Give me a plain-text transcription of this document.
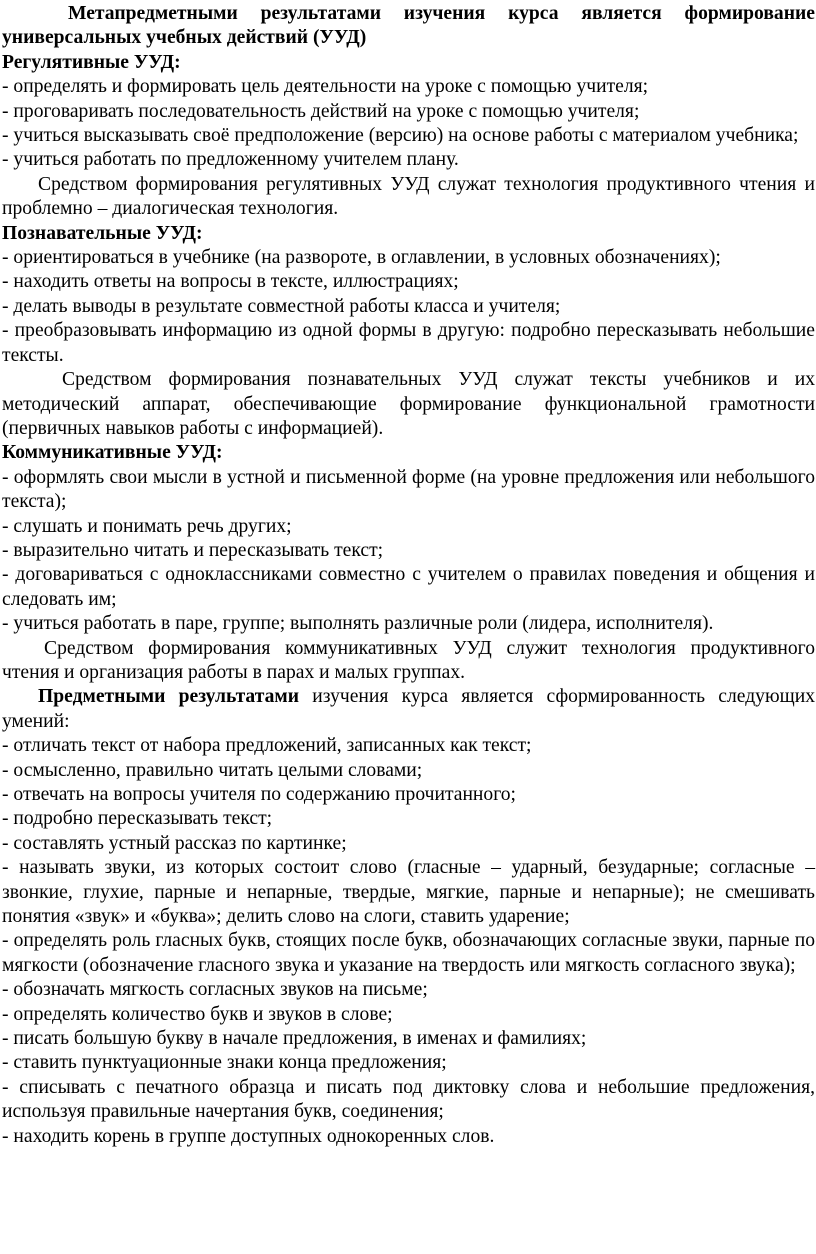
Метапредметными результатами изучения курса является формирование универсальных учебных действий (УУД)

Регулятивные УУД:

- определять и формировать цель деятельности на уроке с помощью учителя;
- проговаривать последовательность действий на уроке с помощью учителя;
- учиться высказывать своё предположение (версию) на основе работы с материалом учебника;
- учиться работать по предложенному учителем плану.

Средством формирования регулятивных УУД служат технология продуктивного чтения и проблемно – диалогическая технология.

Познавательные УУД:

- ориентироваться в учебнике (на развороте, в оглавлении, в условных обозначениях);
- находить ответы на вопросы в тексте, иллюстрациях;
- делать выводы в результате совместной работы класса и учителя;
- преобразовывать информацию из одной формы в другую: подробно пересказывать небольшие тексты.

Средством формирования познавательных УУД служат тексты учебников и их методический аппарат, обеспечивающие формирование функциональной грамотности (первичных навыков работы с информацией).

Коммуникативные УУД:

- оформлять свои мысли в устной и письменной форме (на уровне предложения или небольшого текста);
- слушать и понимать речь других;
- выразительно читать и пересказывать текст;
- договариваться с одноклассниками совместно с учителем о правилах поведения и общения и следовать им;
- учиться работать в паре, группе; выполнять различные роли (лидера, исполнителя).

Средством формирования коммуникативных УУД служит технология продуктивного чтения и организация работы в парах и малых группах.

Предметными результатами изучения курса является сформированность следующих умений:

- отличать текст от набора предложений, записанных как текст;
- осмысленно, правильно читать целыми словами;
- отвечать на вопросы учителя по содержанию прочитанного;
- подробно пересказывать текст;
- составлять устный рассказ по картинке;
- называть звуки, из которых состоит слово (гласные – ударный, безударные; согласные – звонкие, глухие, парные и непарные, твердые, мягкие, парные и непарные); не смешивать понятия «звук» и «буква»; делить слово на слоги, ставить ударение;
- определять роль гласных букв, стоящих после букв, обозначающих согласные звуки, парные по мягкости (обозначение гласного звука и указание на твердость или мягкость согласного звука);
- обозначать мягкость согласных звуков на письме;
- определять количество букв и звуков в слове;
- писать большую букву в начале предложения, в именах и фамилиях;
- ставить пунктуационные знаки конца предложения;
- списывать с печатного образца и писать под диктовку слова и небольшие предложения, используя правильные начертания букв, соединения;
- находить корень в группе доступных однокоренных слов.
